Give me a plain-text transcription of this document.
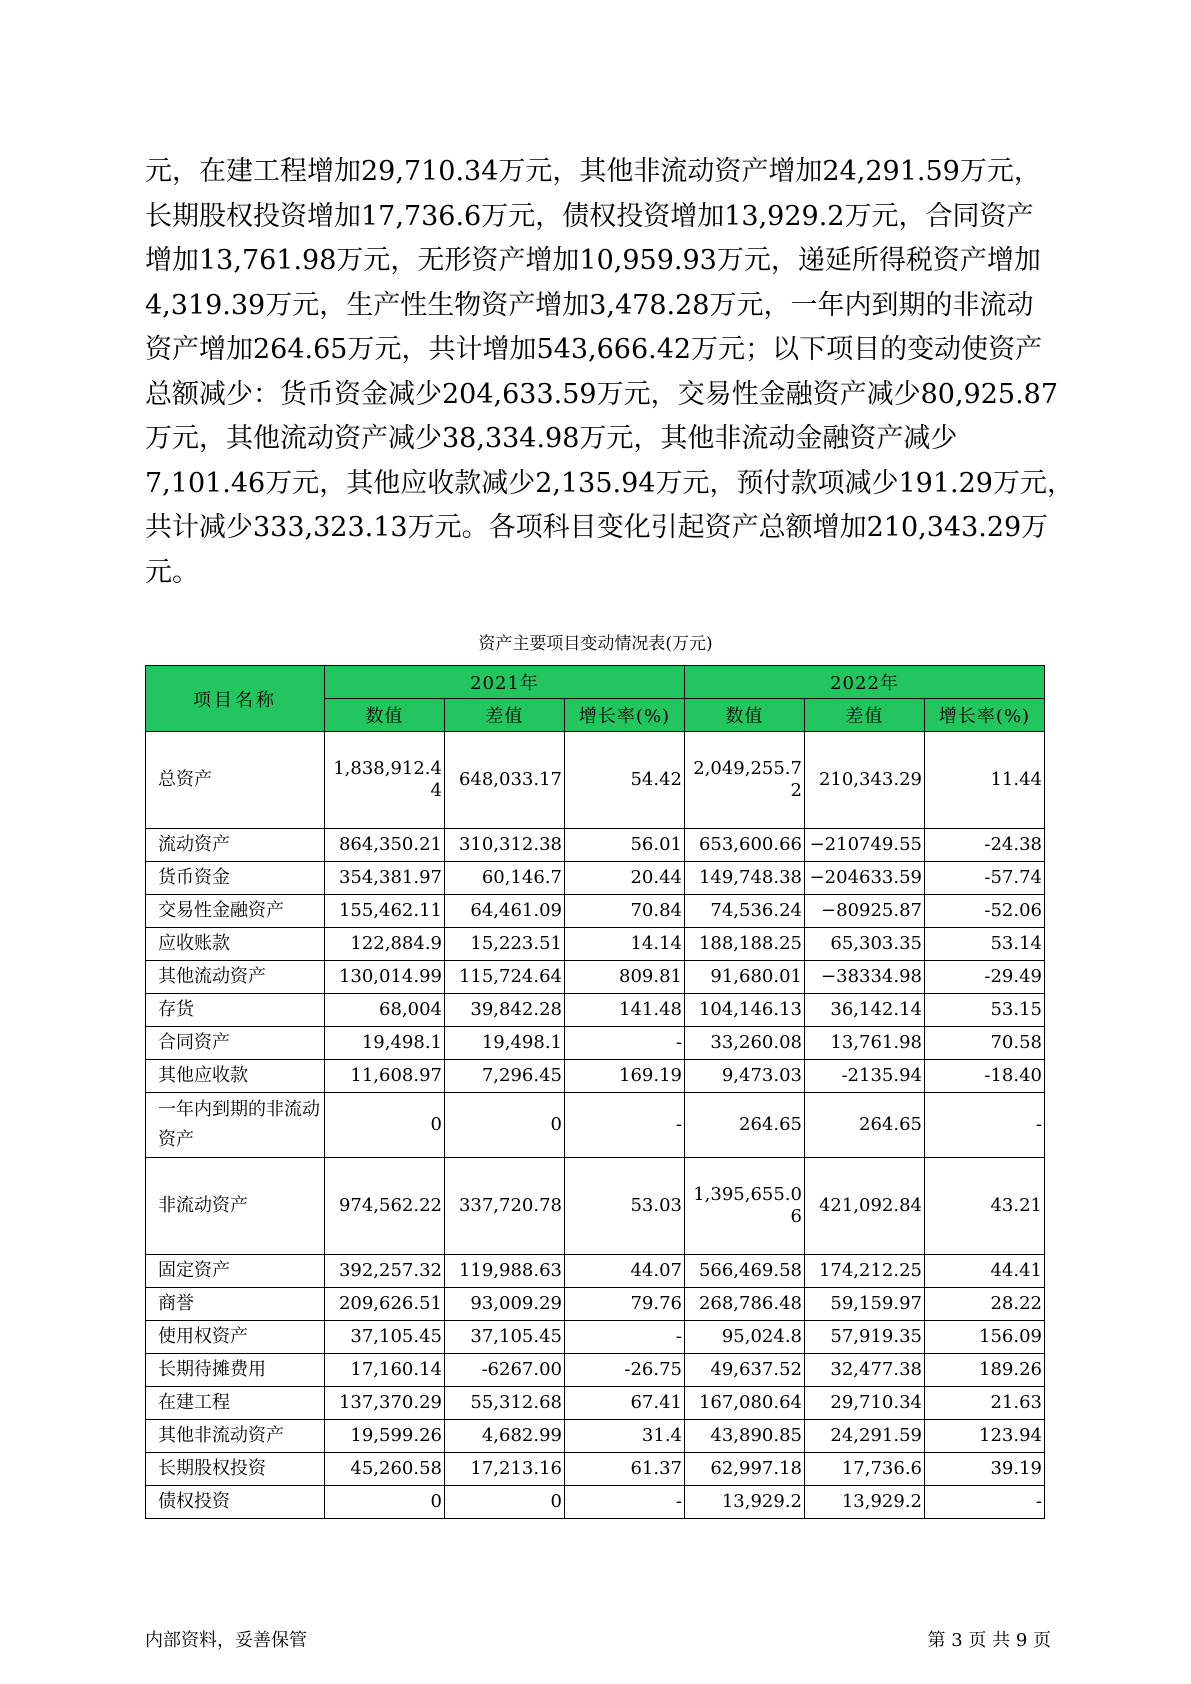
元，在建工程增加29,710.34万元，其他非流动资产增加24,291.59万元，
长期股权投资增加17,736.6万元，债权投资增加13,929.2万元，合同资产
增加13,761.98万元，无形资产增加10,959.93万元，递延所得税资产增加
4,319.39万元，生产性生物资产增加3,478.28万元，一年内到期的非流动
资产增加264.65万元，共计增加543,666.42万元；以下项目的变动使资产
总额减少：货币资金减少204,633.59万元，交易性金融资产减少80,925.87
万元，其他流动资产减少38,334.98万元，其他非流动金融资产减少
7,101.46万元，其他应收款减少2,135.94万元，预付款项减少191.29万元，
共计减少333,323.13万元。各项科目变化引起资产总额增加210,343.29万
元。
资产主要项目变动情况表(万元)
项目名称	2021年			2022年		
	数值	差值	增长率(%)	数值	差值	增长率(%)
总资产	1,838,912.44	648,033.17	54.42	2,049,255.72	210,343.29	11.44
流动资产	864,350.21	310,312.38	56.01	653,600.66	−210749.55	-24.38
货币资金	354,381.97	60,146.7	20.44	149,748.38	−204633.59	-57.74
交易性金融资产	155,462.11	64,461.09	70.84	74,536.24	−80925.87	-52.06
应收账款	122,884.9	15,223.51	14.14	188,188.25	65,303.35	53.14
其他流动资产	130,014.99	115,724.64	809.81	91,680.01	−38334.98	-29.49
存货	68,004	39,842.28	141.48	104,146.13	36,142.14	53.15
合同资产	19,498.1	19,498.1	-	33,260.08	13,761.98	70.58
其他应收款	11,608.97	7,296.45	169.19	9,473.03	-2135.94	-18.40
一年内到期的非流动资产	0	0	-	264.65	264.65	-
非流动资产	974,562.22	337,720.78	53.03	1,395,655.06	421,092.84	43.21
固定资产	392,257.32	119,988.63	44.07	566,469.58	174,212.25	44.41
商誉	209,626.51	93,009.29	79.76	268,786.48	59,159.97	28.22
使用权资产	37,105.45	37,105.45	-	95,024.8	57,919.35	156.09
长期待摊费用	17,160.14	-6267.00	-26.75	49,637.52	32,477.38	189.26
在建工程	137,370.29	55,312.68	67.41	167,080.64	29,710.34	21.63
其他非流动资产	19,599.26	4,682.99	31.4	43,890.85	24,291.59	123.94
长期股权投资	45,260.58	17,213.16	61.37	62,997.18	17,736.6	39.19
债权投资	0	0	-	13,929.2	13,929.2	-
内部资料，妥善保管	第 3 页 共 9 页
